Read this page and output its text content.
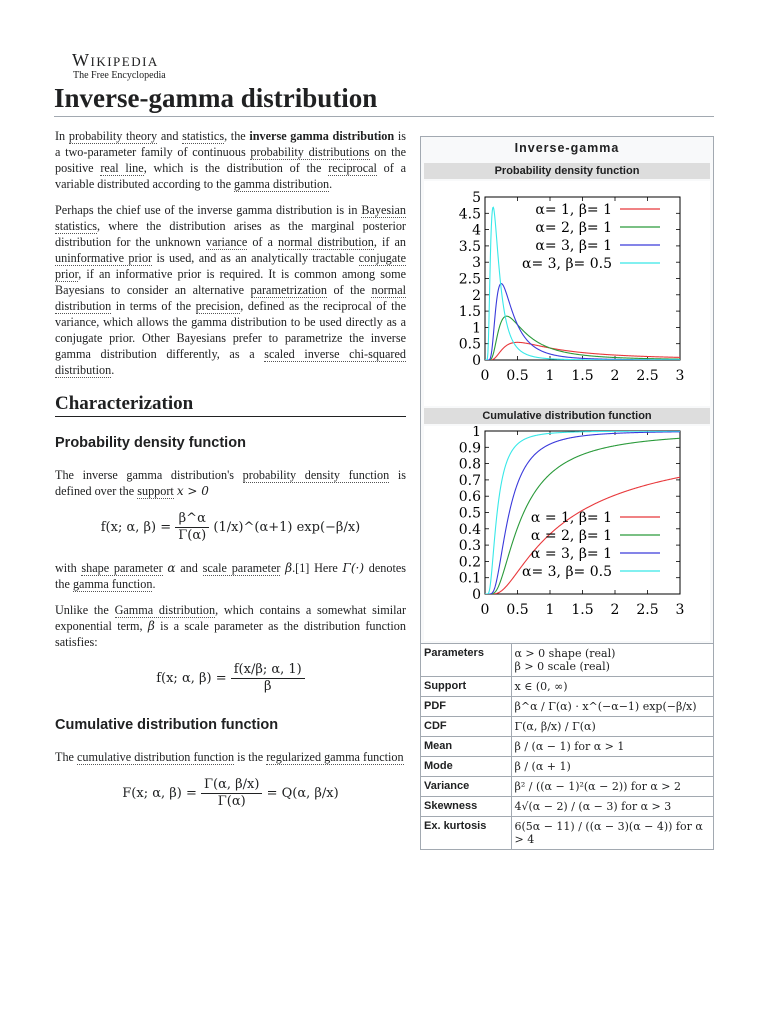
Wikipedia
The Free Encyclopedia
Inverse-gamma distribution

In probability theory and statistics, the inverse gamma distribution is a two-parameter family of continuous probability distributions on the positive real line, which is the distribution of the reciprocal of a variable distributed according to the gamma distribution.

Perhaps the chief use of the inverse gamma distribution is in Bayesian statistics, where the distribution arises as the marginal posterior distribution for the unknown variance of a normal distribution, if an uninformative prior is used, and as an analytically tractable conjugate prior, if an informative prior is required. It is common among some Bayesians to consider an alternative parametrization of the normal distribution in terms of the precision, defined as the reciprocal of the variance, which allows the gamma distribution to be used directly as a conjugate prior. Other Bayesians prefer to parametrize the inverse gamma distribution differently, as a scaled inverse chi-squared distribution.

Characterization
Probability density function

The inverse gamma distribution's probability density function is defined over the support x > 0

f(x; α, $\beta) = \frac{\beta\^{}\alpha}{\Gamma(\alpha)}$ (1/x)^(α+1) exp(−β/x)

with shape parameter α and scale parameter β.[1] Here Γ(·) denotes the gamma function.

Unlike the Gamma distribution, which contains a somewhat similar exponential term, β is a scale parameter as the distribution function satisfies:

f(x; α, $\beta) = \frac{f(x/\beta; \alpha, 1)}{\beta}$
Cumulative distribution function

The cumulative distribution function is the regularized gamma function

F(x; α, $\beta) = \frac{\Gamma(\alpha, \beta/x)}{\Gamma(\alpha)} = Q(\alpha$, β/x)
Inverse-gamma
Probability density function
0
0.5
1
1.5
2
2.5
3
3.5
4
4.5
5
0 0.5 1 1.5 2 2.5 3
α= 1, β= 1
α= 2, β= 1
α= 3, β= 1
α= 3, β= 0.5
Cumulative distribution function
0
0.1
0.2
0.3
0.4
0.5
0.6
0.7
0.8
0.9
1
0 0.5 1 1.5 2 2.5 3
α = 1, β= 1
α = 2, β= 1
α = 3, β= 1
α= 3, β= 0.5
Parameters	α > 0 shape (real)
β > 0 scale (real)

Support	x ∈ (0, ∞)

PDF	β^α / Γ(α) · x^(−α−1) exp(−β/x)

CDF	Γ(α, β/x) / Γ(α)

Mean	β / (α − 1) for α > 1

Mode	β / (α + 1)

Variance	β² / ((α − 1)²(α − 2)) for α > 2

Skewness	4√(α − 2) / (α − 3) for α > 3

Ex. kurtosis	6(5α − 11) / ((α − 3)(α − 4)) for α > 4
